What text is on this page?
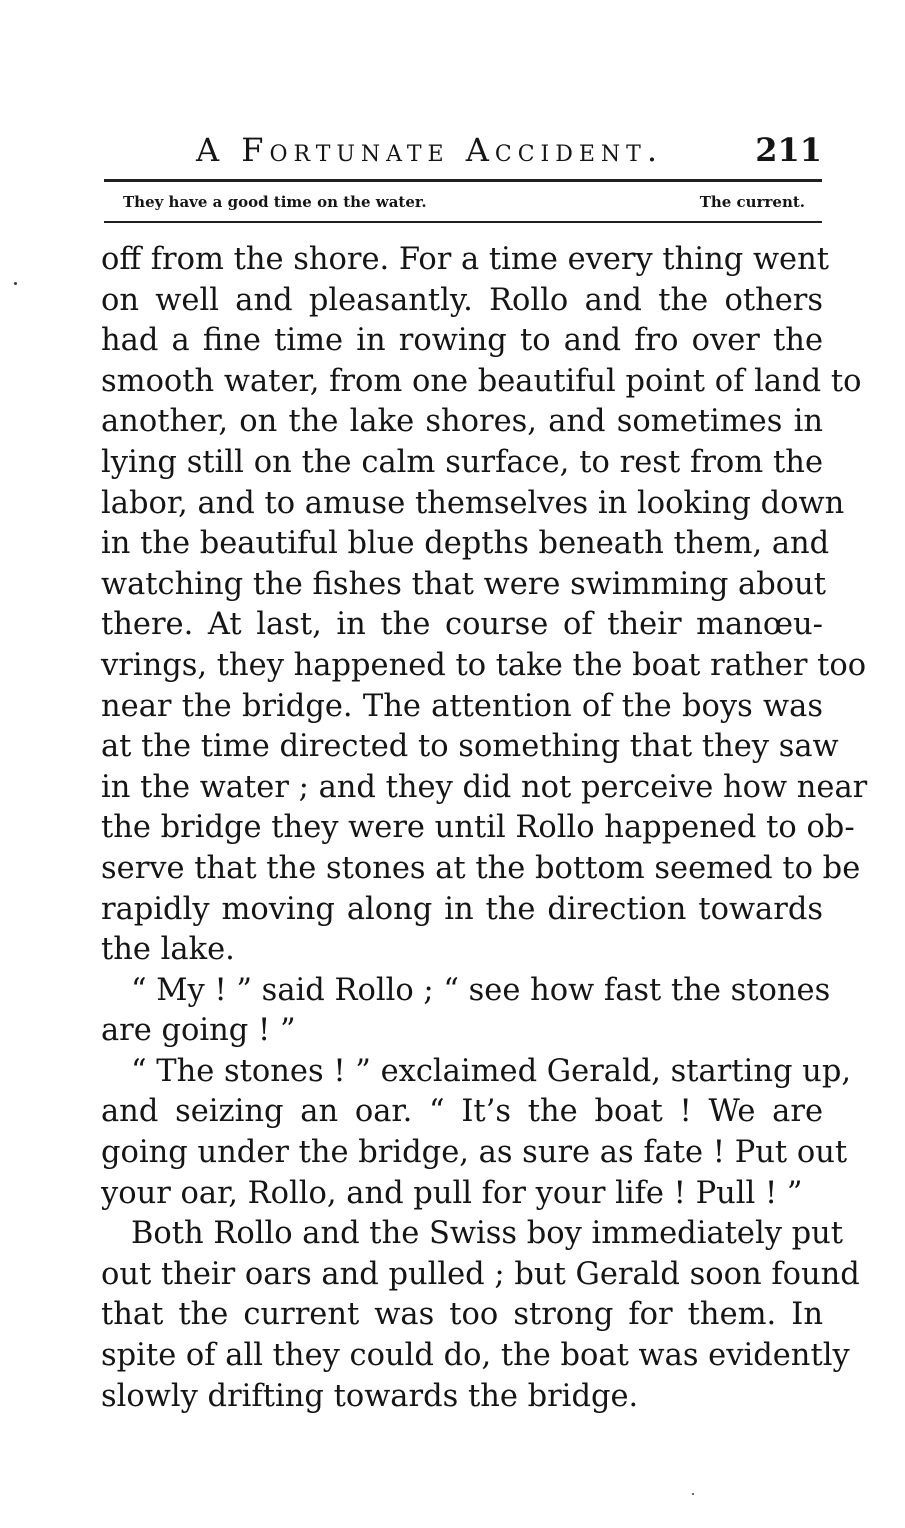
A Fortunate Accident.	211
They have a good time on the water.	The current.
off from the shore. For a time every thing went
on well and pleasantly. Rollo and the others
had a fine time in rowing to and fro over the
smooth water, from one beautiful point of land to
another, on the lake shores, and sometimes in
lying still on the calm surface, to rest from the
labor, and to amuse themselves in looking down
in the beautiful blue depths beneath them, and
watching the fishes that were swimming about
there. At last, in the course of their manœu-
vrings, they happened to take the boat rather too
near the bridge. The attention of the boys was
at the time directed to something that they saw
in the water ; and they did not perceive how near
the bridge they were until Rollo happened to ob-
serve that the stones at the bottom seemed to be
rapidly moving along in the direction towards
the lake.
“ My ! ” said Rollo ; “ see how fast the stones
are going ! ”
“ The stones ! ” exclaimed Gerald, starting up,
and seizing an oar. “ It’s the boat ! We are
going under the bridge, as sure as fate ! Put out
your oar, Rollo, and pull for your life ! Pull ! ”
Both Rollo and the Swiss boy immediately put
out their oars and pulled ; but Gerald soon found
that the current was too strong for them. In
spite of all they could do, the boat was evidently
slowly drifting towards the bridge.
